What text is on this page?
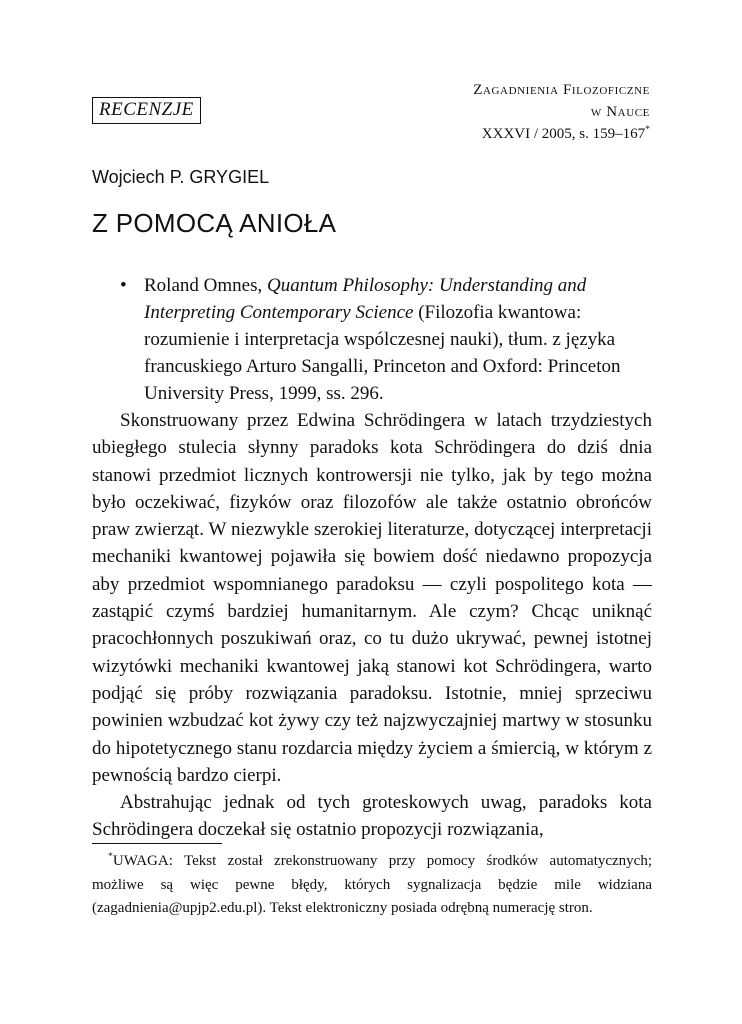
RECENZJE
Zagadnienia Filozoficzne
w Nauce
XXXVI / 2005, s. 159–167*
Wojciech P. GRYGIEL
Z POMOCĄ ANIOŁA
• Roland Omnes, Quantum Philosophy: Understanding and Interpreting Contemporary Science (Filozofia kwantowa: rozumienie i interpretacja wspólczesnej nauki), tłum. z języka francuskiego Arturo Sangalli, Princeton and Oxford: Princeton University Press, 1999, ss. 296.

Skonstruowany przez Edwina Schrödingera w latach trzydziestych ubiegłego stulecia słynny paradoks kota Schrödingera do dziś dnia stanowi przedmiot licznych kontrowersji nie tylko, jak by tego można było oczekiwać, fizyków oraz filozofów ale także ostatnio obrońców praw zwierząt. W niezwykle szerokiej literaturze, dotyczącej interpretacji mechaniki kwantowej pojawiła się bowiem dość niedawno propozycja aby przedmiot wspomnianego paradoksu — czyli pospolitego kota — zastąpić czymś bardziej humanitarnym. Ale czym? Chcąc uniknąć pracochłonnych poszukiwań oraz, co tu dużo ukrywać, pewnej istotnej wizytówki mechaniki kwantowej jaką stanowi kot Schrödingera, warto podjąć się próby rozwiązania paradoksu. Istotnie, mniej sprzeciwu powinien wzbudzać kot żywy czy też najzwyczajniej martwy w stosunku do hipotetycznego stanu rozdarcia między życiem a śmiercią, w którym z pewnością bardzo cierpi.

Abstrahując jednak od tych groteskowych uwag, paradoks kota Schrödingera doczekał się ostatnio propozycji rozwiązania,

*UWAGA: Tekst został zrekonstruowany przy pomocy środków automatycznych; możliwe są więc pewne błędy, których sygnalizacja będzie mile widziana (zagadnienia@upjp2.edu.pl). Tekst elektroniczny posiada odrębną numerację stron.
